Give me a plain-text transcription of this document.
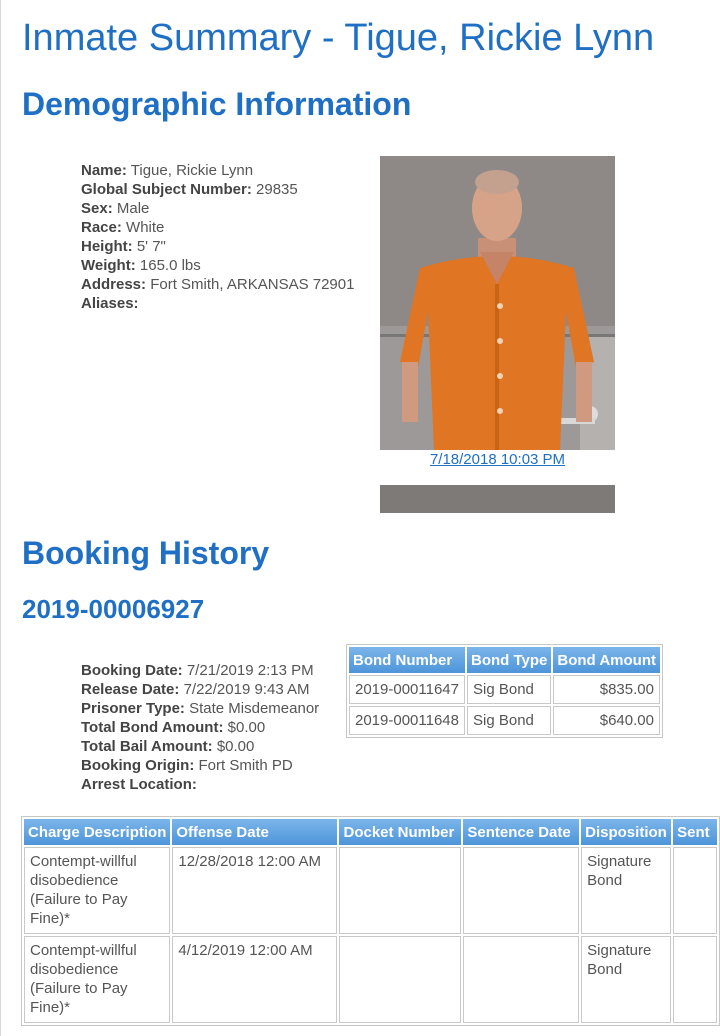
Inmate Summary - Tigue, Rickie Lynn
Demographic Information
Name: Tigue, Rickie Lynn
Global Subject Number: 29835
Sex: Male
Race: White
Height: 5' 7"
Weight: 165.0 lbs
Address: Fort Smith, ARKANSAS 72901
Aliases:
7/18/2018 10:03 PM
Booking History
2019-00006927
Booking Date: 7/21/2019 2:13 PM
Release Date: 7/22/2019 9:43 AM
Prisoner Type: State Misdemeanor
Total Bond Amount: $0.00
Total Bail Amount: $0.00
Booking Origin: Fort Smith PD
Arrest Location:
Bond Number	Bond Type	Bond Amount
2019-00011647	Sig Bond	$835.00
2019-00011648	Sig Bond	$640.00
Charge Description	Offense Date	Docket Number	Sentence Date	Disposition	Sent
Contempt-willful disobedience (Failure to Pay Fine)*	12/28/2018 12:00 AM			Signature Bond	
Contempt-willful disobedience (Failure to Pay Fine)*	4/12/2019 12:00 AM			Signature Bond	
